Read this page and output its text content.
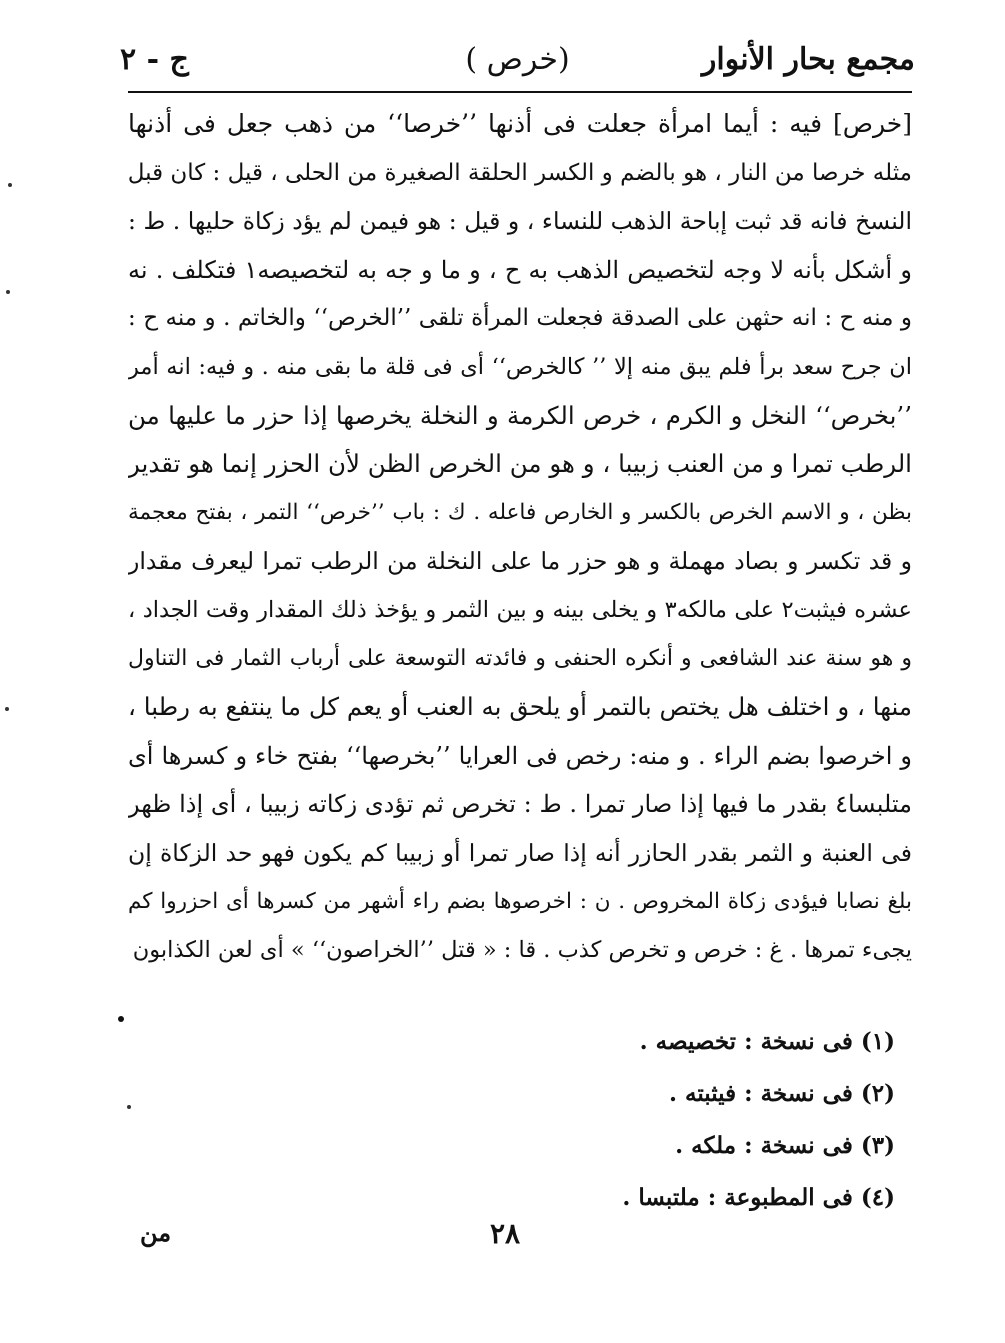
مجمع بحار الأنوار
(خرص )
ج - ٢
[خرص] فيه : أيما امرأة جعلت فى أذنها ’’خرصا‘‘ من ذهب جعل فى أذنها
مثله خرصا من النار ، هو بالضم و الكسر الحلقة الصغيرة من الحلى ، قيل : كان قبل
النسخ فانه قد ثبت إباحة الذهب للنساء ، و قيل : هو فيمن لم يؤد زكاة حليها . ط :
و أشكل بأنه لا وجه لتخصيص الذهب به ح ، و ما و جه به لتخصيصه١ فتكلف . نه
و منه ح : انه حثهن على الصدقة فجعلت المرأة تلقى ’’الخرص‘‘ والخاتم . و منه ح :
ان جرح سعد برأ فلم يبق منه إلا ’’ كالخرص‘‘ أى فى قلة ما بقى منه . و فيه: انه أمر
’’بخرص‘‘ النخل و الكرم ، خرص الكرمة و النخلة يخرصها إذا حزر ما عليها من
الرطب تمرا و من العنب زبيبا ، و هو من الخرص الظن لأن الحزر إنما هو تقدير
بظن ، و الاسم الخرص بالكسر و الخارص فاعله . ك : باب ’’خرص‘‘ التمر ، بفتح معجمة
و قد تكسر و بصاد مهملة و هو حزر ما على النخلة من الرطب تمرا ليعرف مقدار
عشره فيثبت٢ على مالكه٣ و يخلى بينه و بين الثمر و يؤخذ ذلك المقدار وقت الجداد ،
و هو سنة عند الشافعى و أنكره الحنفى و فائدته التوسعة على أرباب الثمار فى التناول
منها ، و اختلف هل يختص بالتمر أو يلحق به العنب أو يعم كل ما ينتفع به رطبا ،
و اخرصوا بضم الراء . و منه: رخص فى العرايا ’’بخرصها‘‘ بفتح خاء و كسرها أى
متلبسا٤ بقدر ما فيها إذا صار تمرا . ط : تخرص ثم تؤدى زكاته زبيبا ، أى إذا ظهر
فى العنبة و الثمر بقدر الحازر أنه إذا صار تمرا أو زبيبا كم يكون فهو حد الزكاة إن
بلغ نصابا فيؤدى زكاة المخروص . ن : اخرصوها بضم راء أشهر من كسرها أى احزروا كم
يجىء تمرها . غ : خرص و تخرص كذب . قا : « قتل ’’الخراصون‘‘ » أى لعن الكذابون
(١) فى نسخة : تخصيصه .
(٢) فى نسخة : فيثبته .
(٣) فى نسخة : ملكه .
(٤) فى المطبوعة : ملتبسا .
٢٨
من
